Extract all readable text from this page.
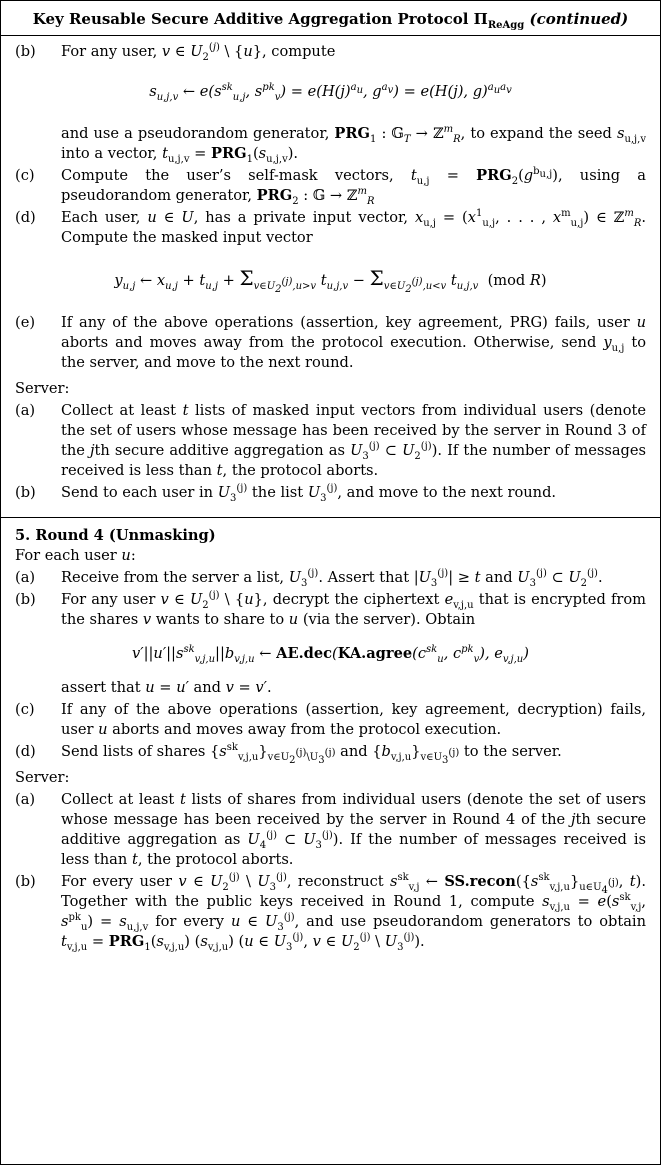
Key Reusable Secure Additive Aggregation Protocol $\Pi_{ReAgg}$ (continued)
(b)	For any user, v ∈ $U_2^{(j)}$ \ {u}, compute
$s_{u,j,v}$ ← $e(s^{sk}_{u,j}$, $s^{pk}_v) = e(H(j)^{a_u}$, $g^{a_v}) = e(H(j)$, g)$^{a_ua_v}$
and use a pseudorandom generator, $PRG_1$ : 𝔾$_T$ → ℤ$^m_R$, to expand the seed $s_{u,j,v}$ into a vector, $t_{u,j,v} = PRG_1(s_{u,j,v})$.
(c)	Compute the user’s self-mask vectors, $t_{u,j} = PRG_2(g^{b_{u,j}})$, using a pseudorandom generator, $PRG_2$ : 𝔾 → ℤ$^m_R$
(d)	Each user, u ∈ U, has a private input vector, $x_{u,j} = (x^1_{u,j}$, . . . , $x^m_{u,j}$) ∈ ℤ$^m_R$. Compute the masked input vector
$y_{u,j}$ ← $x_{u,j} + t_{u,j} + \Sigma_{v\in U_2^{(j)},u>v}$ $t_{u,j,v} - \Sigma_{v\in U_2^{(j)},u<v}$ $t_{u,j,v}$ (mod R)
(e)	If any of the above operations (assertion, key agreement, PRG) fails, user u aborts and moves away from the protocol execution. Otherwise, send $y_{u,j}$ to the server, and move to the next round.
Server:
(a)	Collect at least t lists of masked input vectors from individual users (denote the set of users whose message has been received by the server in Round 3 of the jth secure additive aggregation as $U_3^{(j)}$ ⊂ $U_2^{(j)}$). If the number of messages received is less than t, the protocol aborts.
(b)	Send to each user in $U_3^{(j)}$ the list $U_3^{(j)}$, and move to the next round.
5. Round 4 (Unmasking)
For each user u:
(a)	Receive from the server a list, $U_3^{(j)}$. Assert that $|U_3^{(j)}| \ge t$ and $U_3^{(j)}$ ⊂ $U_2^{(j)}$.
(b)	For any user v ∈ $U_2^{(j)}$ \ {u}, decrypt the ciphertext $e_{v,j,u}$ that is encrypted from the shares v wants to share to u (via the server). Obtain
$v'||u'||s^{sk}_{v,j,u}||b_{v,j,u}$ ← $AE.dec(KA.agree(c^{sk}_u$, $c^{pk}_v$), $e_{v,j,u}$)
assert that u = u′ and v = v′.
(c)	If any of the above operations (assertion, key agreement, decryption) fails, user u aborts and moves away from the protocol execution.
(d)	Send lists of shares $\{s^{sk}_{v,j,u}\}_{v\in U_2^{(j)}\backslash U_3^{(j)}}$ and $\{b_{v,j,u}\}_{v\in U_3^{(j)}}$ to the server.
Server:
(a)	Collect at least t lists of shares from individual users (denote the set of users whose message has been received by the server in Round 4 of the jth secure additive aggregation as $U_4^{(j)}$ ⊂ $U_3^{(j)}$). If the number of messages received is less than t, the protocol aborts.
(b)	For every user v ∈ $U_2^{(j)}$ \ $U_3^{(j)}$, reconstruct $s^{sk}_{v,j}$ ← $SS.recon(\{s^{sk}_{v,j,u}\}_{u\in U_4^{(j)}}$, t). Together with the public keys received in Round 1, compute $s_{v,j,u} = e(s^{sk}_{v,j}$, $s^{pk}_u) = s_{u,j,v}$ for every u ∈ $U_3^{(j)}$, and use pseudorandom generators to obtain $t_{v,j,u} = PRG_1(s_{v,j,u})$ $(s_{v,j,u})$ (u ∈ $U_3^{(j)}$, v ∈ $U_2^{(j)}$ \ $U_3^{(j)}$).
